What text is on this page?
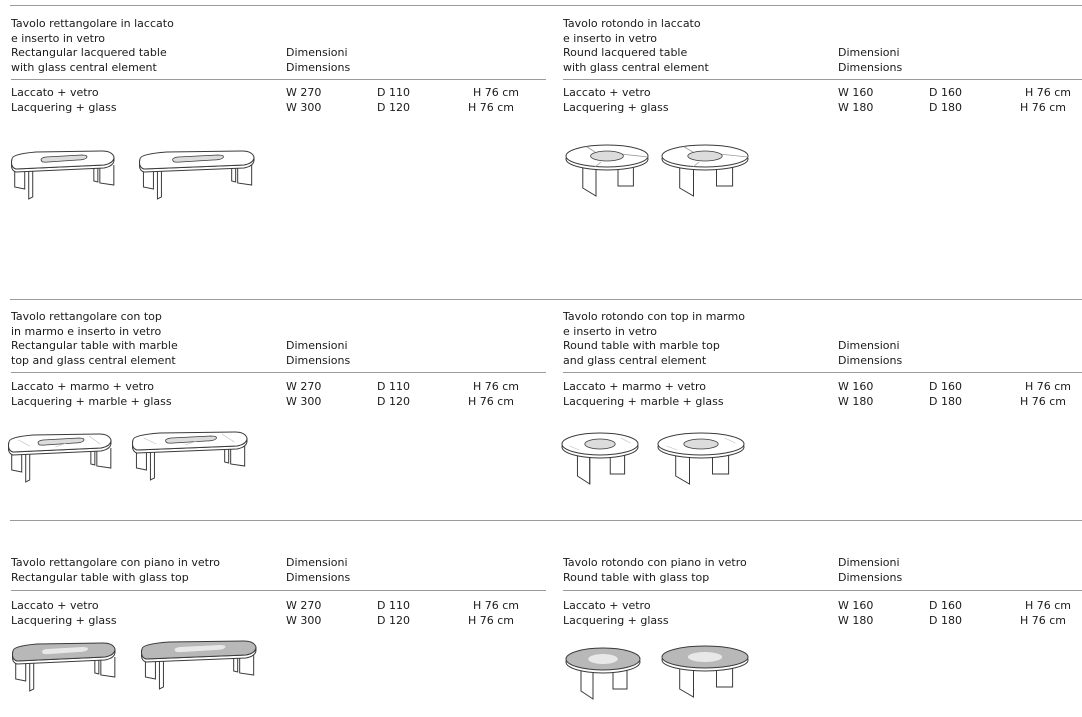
Tavolo rettangolare in laccato
e inserto in vetro
Rectangular lacquered table
with glass central element
Dimensioni
Dimensions
Laccato + vetro	W 270	D 110	H 76 cm
Lacquering + glass	W 300	D 120	H 76 cm
Tavolo rotondo in laccato
e inserto in vetro
Round lacquered table
with glass central element
Dimensioni
Dimensions
Laccato + vetro	W 160	D 160	H 76 cm
Lacquering + glass	W 180	D 180	H 76 cm
Tavolo rettangolare con top
in marmo e inserto in vetro
Rectangular table with marble
top and glass central element
Dimensioni
Dimensions
Laccato + marmo + vetro	W 270	D 110	H 76 cm
Lacquering + marble + glass	W 300	D 120	H 76 cm
Tavolo rotondo con top in marmo
e inserto in vetro
Round table with marble top
and glass central element
Dimensioni
Dimensions
Laccato + marmo + vetro	W 160	D 160	H 76 cm
Lacquering + marble + glass	W 180	D 180	H 76 cm
Tavolo rettangolare con piano in vetro
Rectangular table with glass top
Dimensioni
Dimensions
Laccato + vetro	W 270	D 110	H 76 cm
Lacquering + glass	W 300	D 120	H 76 cm
Tavolo rotondo con piano in vetro
Round table with glass top
Dimensioni
Dimensions
Laccato + vetro	W 160	D 160	H 76 cm
Lacquering + glass	W 180	D 180	H 76 cm
